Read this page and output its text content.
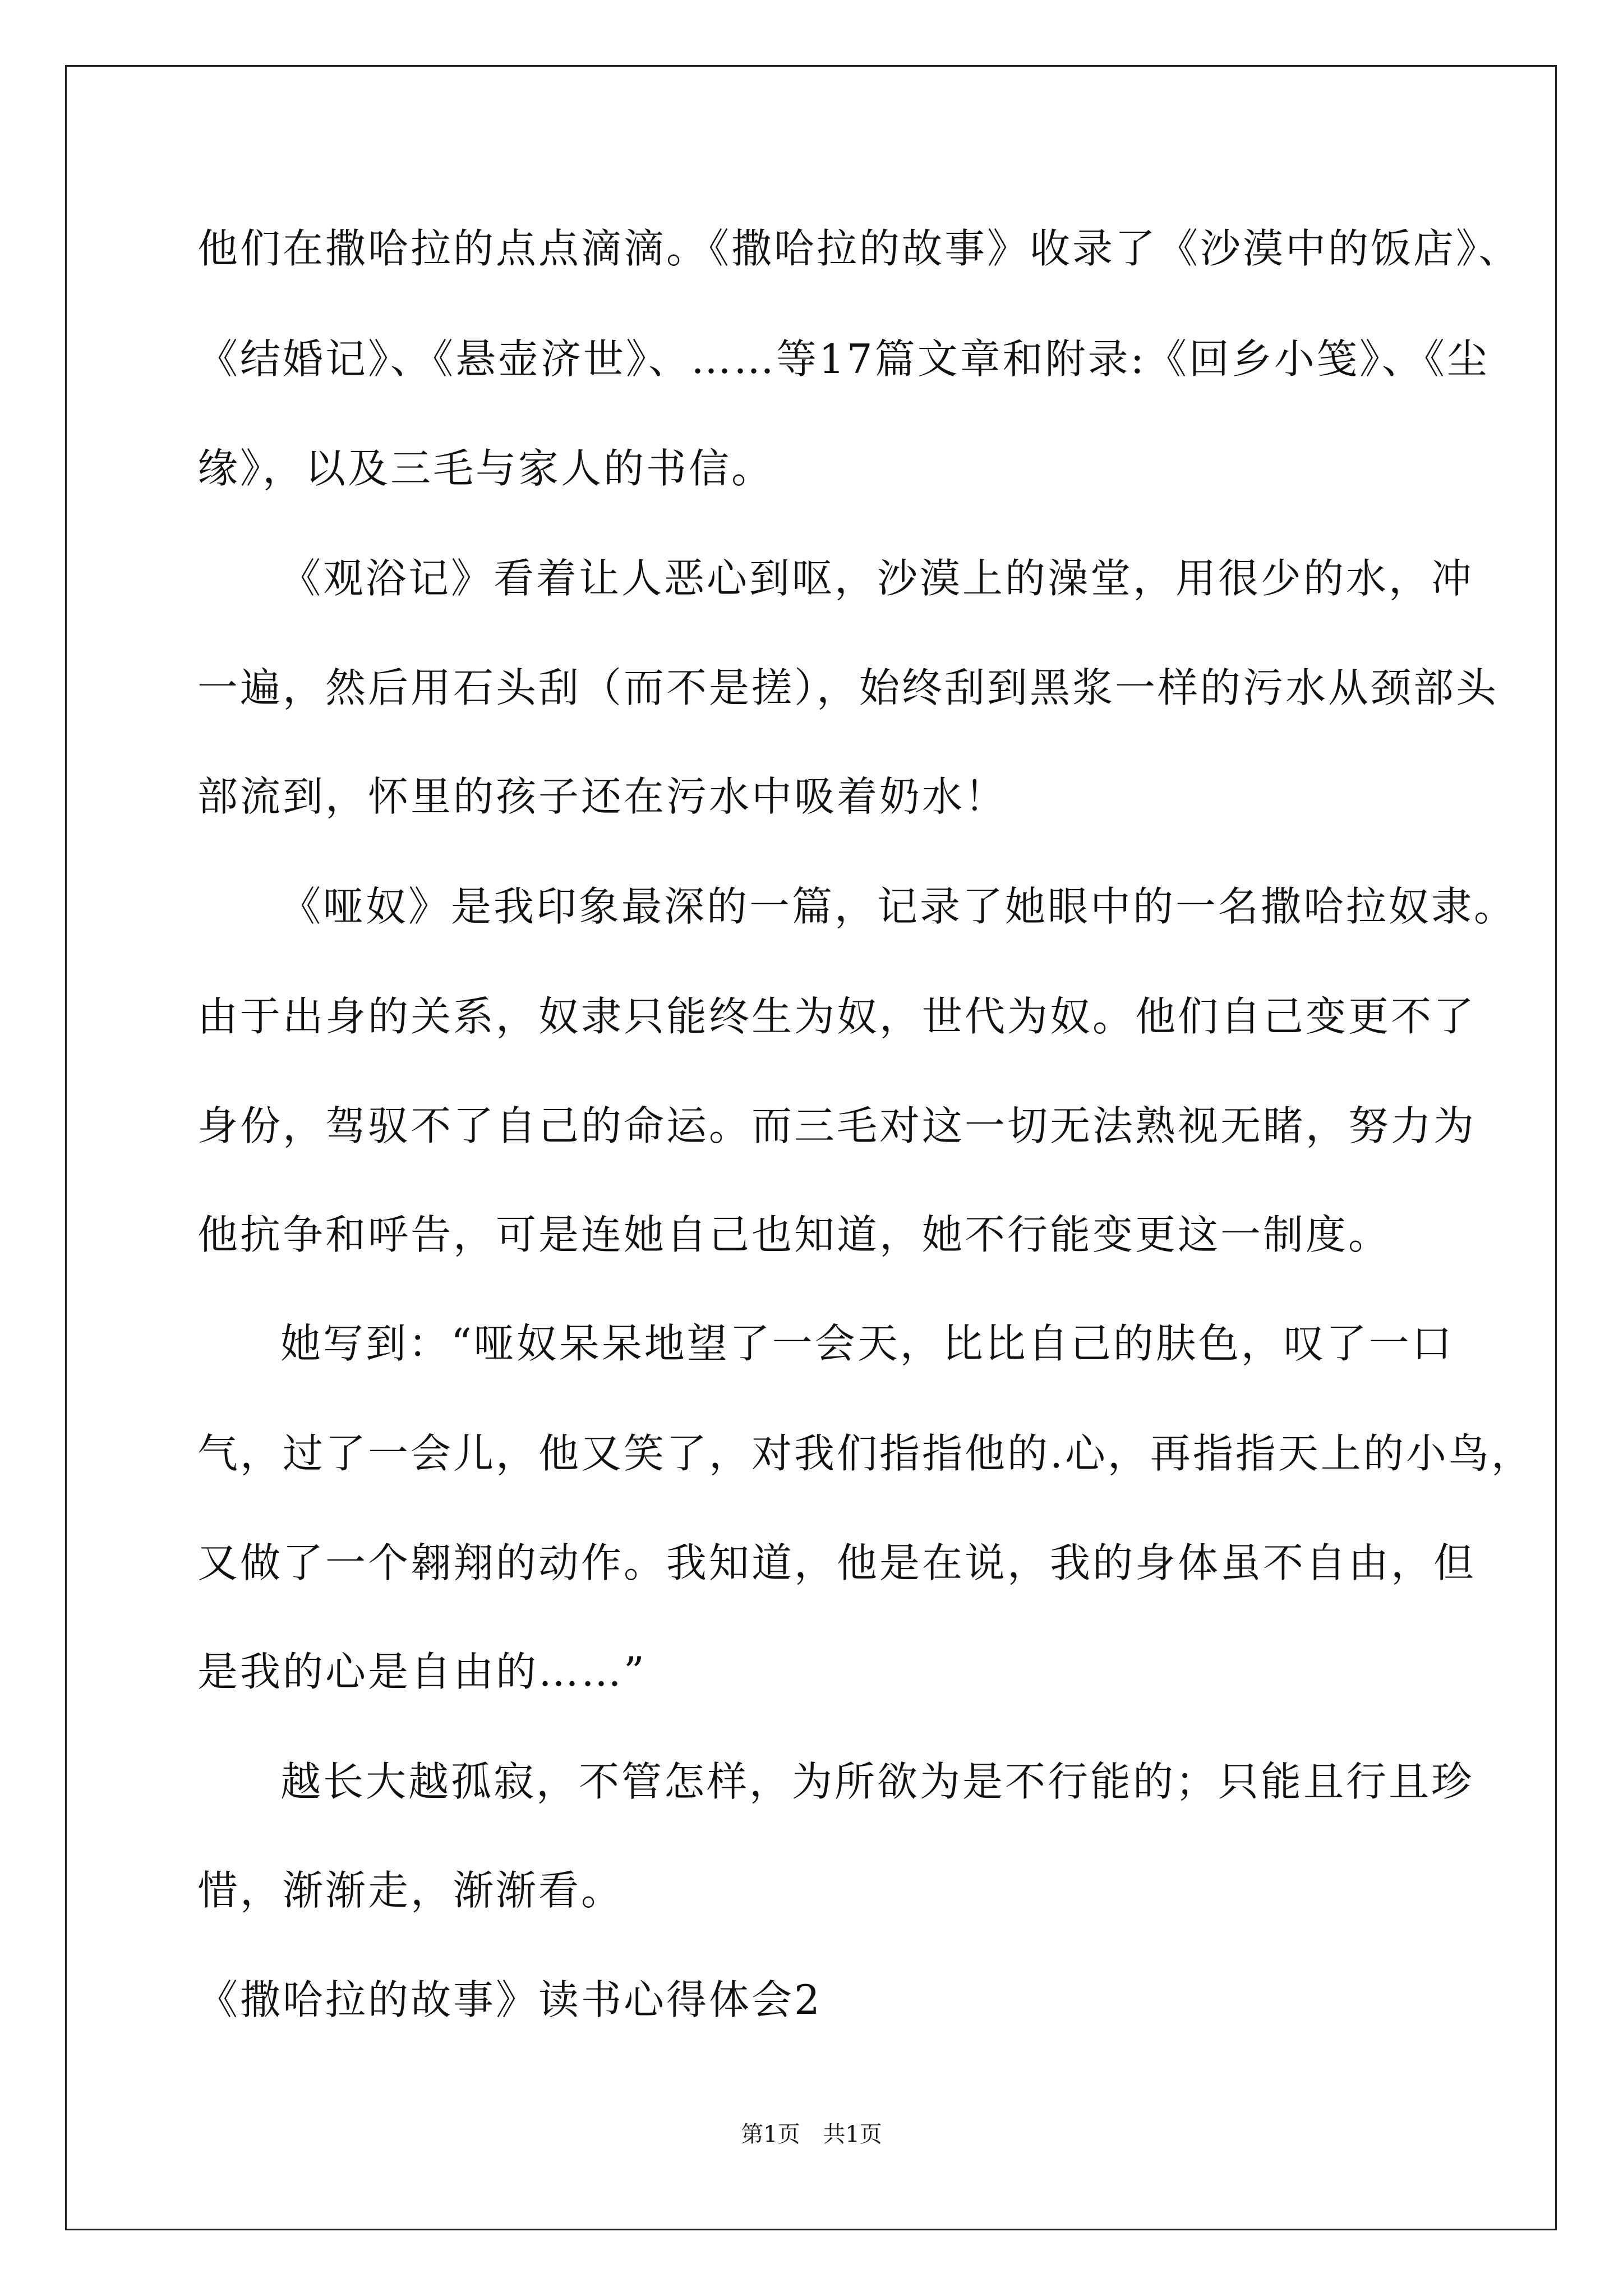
他们在撒哈拉的点点滴滴。《撒哈拉的故事》收录了《沙漠中的饭店》、
《结婚记》、《悬壶济世》、……等17篇文章和附录:《回乡小笺》、《尘
缘》，以及三毛与家人的书信。
《观浴记》看着让人恶心到呕，沙漠上的澡堂，用很少的水，冲
一遍，然后用石头刮（而不是搓），始终刮到黑浆一样的污水从颈部头
部流到，怀里的孩子还在污水中吸着奶水！
《哑奴》是我印象最深的一篇，记录了她眼中的一名撒哈拉奴隶。
由于出身的关系，奴隶只能终生为奴，世代为奴。他们自己变更不了
身份，驾驭不了自己的命运。而三毛对这一切无法熟视无睹，努力为
他抗争和呼告，可是连她自己也知道，她不行能变更这一制度。
她写到：“哑奴呆呆地望了一会天，比比自己的肤色，叹了一口
气，过了一会儿，他又笑了，对我们指指他的.心，再指指天上的小鸟，
又做了一个翱翔的动作。我知道，他是在说，我的身体虽不自由，但
是我的心是自由的……”
越长大越孤寂，不管怎样，为所欲为是不行能的；只能且行且珍
惜，渐渐走，渐渐看。
《撒哈拉的故事》读书心得体会2
第1页 共1页
